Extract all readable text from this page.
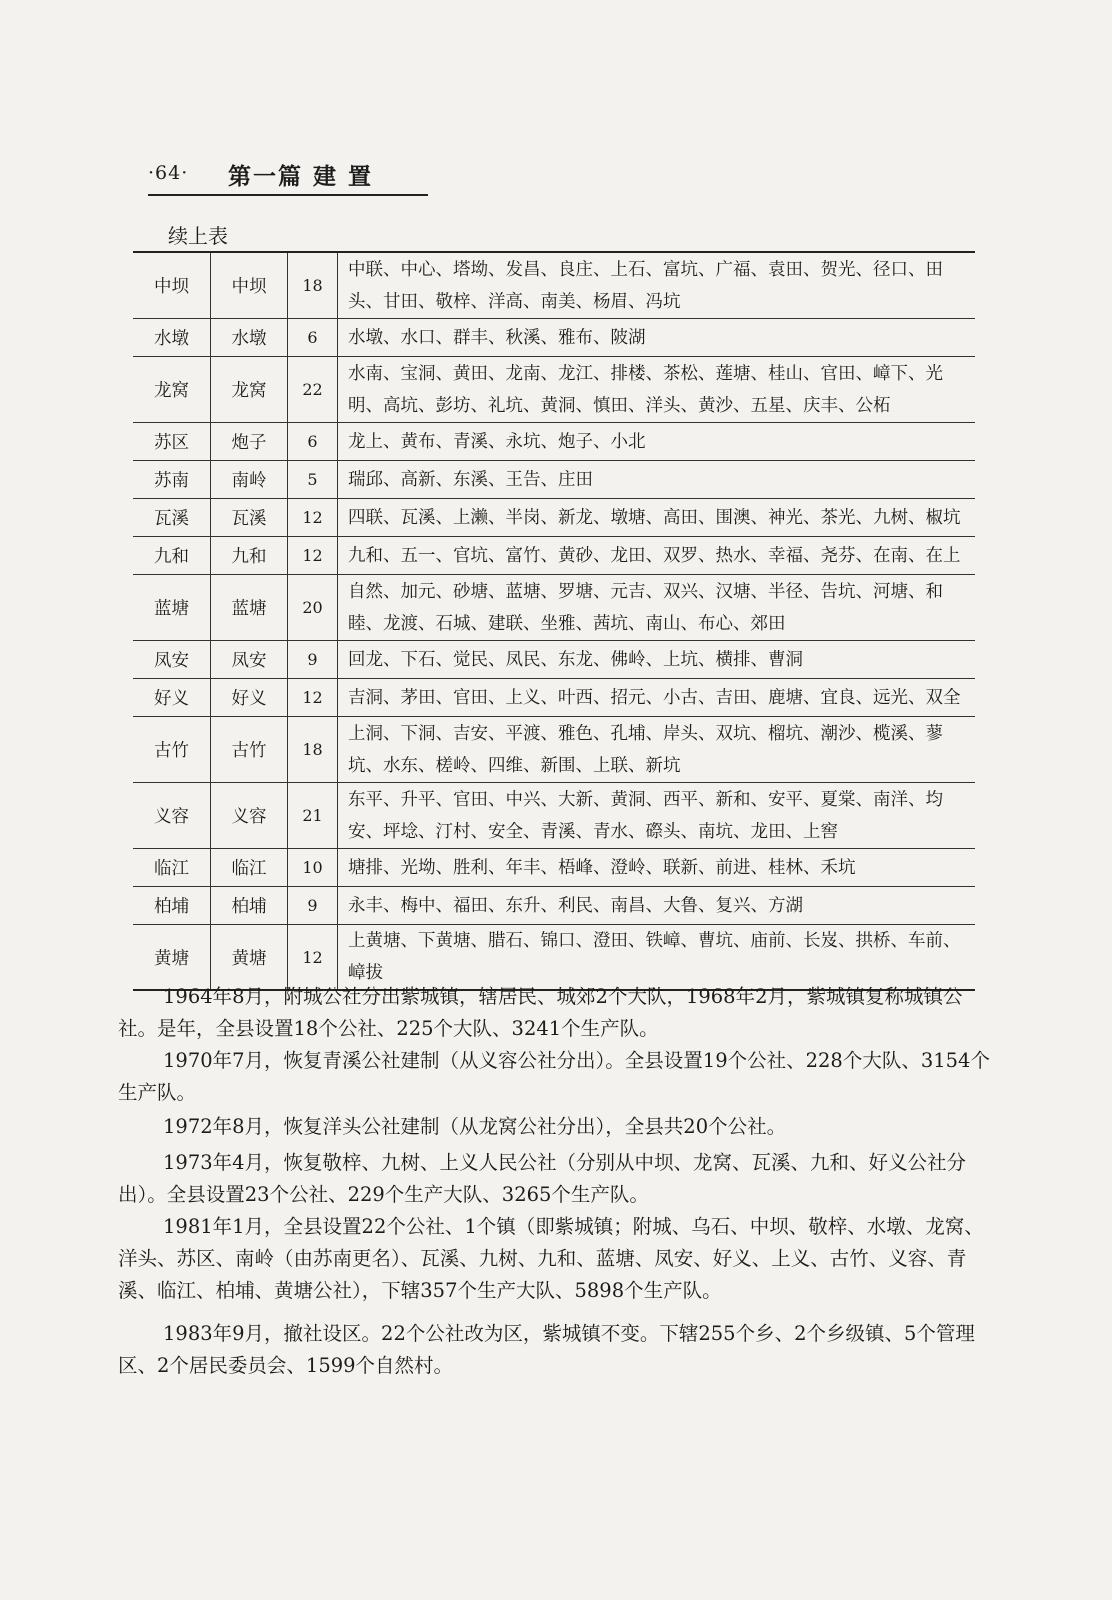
·64· 第一篇 建 置
续上表
中坝	中坝	18	中联、中心、塔坳、发昌、良庄、上石、富坑、广福、袁田、贺光、径口、田头、甘田、敬梓、洋高、南美、杨眉、冯坑
水墩	水墩	6	水墩、水口、群丰、秋溪、雅布、陂湖
龙窝	龙窝	22	水南、宝洞、黄田、龙南、龙江、排楼、茶松、莲塘、桂山、官田、嶂下、光明、高坑、彭坊、礼坑、黄洞、慎田、洋头、黄沙、五星、庆丰、公柘
苏区	炮子	6	龙上、黄布、青溪、永坑、炮子、小北
苏南	南岭	5	瑞邱、高新、东溪、王告、庄田
瓦溪	瓦溪	12	四联、瓦溪、上濑、半岗、新龙、墩塘、高田、围澳、神光、茶光、九树、椒坑
九和	九和	12	九和、五一、官坑、富竹、黄砂、龙田、双罗、热水、幸福、尧芬、在南、在上
蓝塘	蓝塘	20	自然、加元、砂塘、蓝塘、罗塘、元吉、双兴、汉塘、半径、告坑、河塘、和睦、龙渡、石城、建联、坐雅、茜坑、南山、布心、郊田
凤安	凤安	9	回龙、下石、觉民、凤民、东龙、佛岭、上坑、横排、曹洞
好义	好义	12	吉洞、茅田、官田、上义、叶西、招元、小古、吉田、鹿塘、宜良、远光、双全
古竹	古竹	18	上洞、下洞、吉安、平渡、雅色、孔埔、岸头、双坑、榴坑、潮沙、榄溪、蓼坑、水东、槎岭、四维、新围、上联、新坑
义容	义容	21	东平、升平、官田、中兴、大新、黄洞、西平、新和、安平、夏棠、南洋、均安、坪埝、汀村、安全、青溪、青水、磜头、南坑、龙田、上窖
临江	临江	10	塘排、光坳、胜利、年丰、梧峰、澄岭、联新、前进、桂林、禾坑
柏埔	柏埔	9	永丰、梅中、福田、东升、利民、南昌、大鲁、复兴、方湖
黄塘	黄塘	12	上黄塘、下黄塘、腊石、锦口、澄田、铁嶂、曹坑、庙前、长岌、拱桥、车前、嶂拔

1964年8月，附城公社分出紫城镇，辖居民、城郊2个大队，1968年2月，紫城镇复称城镇公社。是年，全县设置18个公社、225个大队、3241个生产队。

1970年7月，恢复青溪公社建制（从义容公社分出）。全县设置19个公社、228个大队、3154个生产队。

1972年8月，恢复洋头公社建制（从龙窝公社分出），全县共20个公社。

1973年4月，恢复敬梓、九树、上义人民公社（分别从中坝、龙窝、瓦溪、九和、好义公社分出）。全县设置23个公社、229个生产大队、3265个生产队。

1981年1月，全县设置22个公社、1个镇（即紫城镇；附城、乌石、中坝、敬梓、水墩、龙窝、洋头、苏区、南岭（由苏南更名）、瓦溪、九树、九和、蓝塘、凤安、好义、上义、古竹、义容、青溪、临江、柏埔、黄塘公社），下辖357个生产大队、5898个生产队。

1983年9月，撤社设区。22个公社改为区，紫城镇不变。下辖255个乡、2个乡级镇、5个管理区、2个居民委员会、1599个自然村。
